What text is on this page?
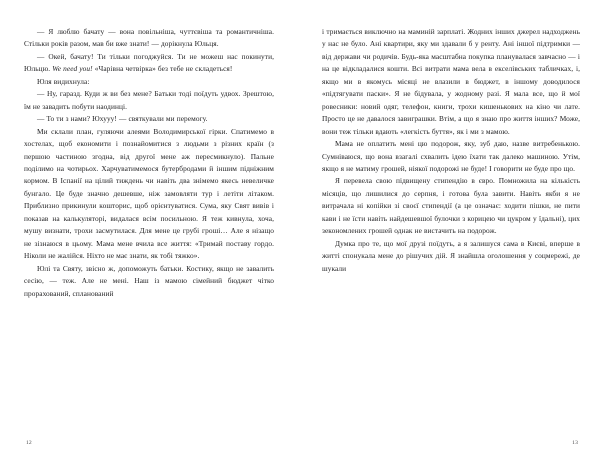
— Я люблю бачату — вона повільніша, чуттєвіша та романтичніша. Стільки років разом, мав би вже знати! — дорікнула Юльця.

— Окей, бачату! Ти тільки погоджуйся. Ти не можеш нас покинути, Юльцю. We need you! «Чарівна четвірка» без тебе не складеться!

Юля видихнула:

— Ну, гаразд. Куди ж ви без мене? Батьки тоді поїдуть удвох. Зрештою, їм не завадить побути наодинці.

— То ти з нами? Юхууу! — святкували ми перемогу.

Ми склали план, гуляючи алеями Володимирської гірки. Спатимемо в хостелах, щоб економити і познайомитися з людьми з різних країн (з першою частиною згодна, від другої мене аж пересмикнуло). Пальне поділимо на чотирьох. Харчуватимемося бутербродами й іншим підніжним кормом. В Іспанії на цілий тиждень чи навіть два знімемо якесь невеличке бунгало. Це буде значно дешевше, ніж замовляти тур і летіти літаком. Приблизно прикинули кошторис, щоб орієнтуватися. Сума, яку Свят вивів і показав на калькуляторі, видалася всім посильною. Я теж кивнула, хоча, мушу визнати, трохи засмутилася. Для мене це грубі гроші… Але я нізащо не зізнаюся в цьому. Мама мене вчила все життя: «Тримай поставу гордо. Ніколи не жалійся. Ніхто не має знати, як тобі тяжко».

Юлі та Святу, звісно ж, допоможуть батьки. Костику, якщо не завалить сесію, — теж. Але не мені. Наш із мамою сімейний бюджет чітко прорахований, спланований

12

і тримається виключно на маминій зарплаті. Жодних інших джерел надходжень у нас не було. Ані квартири, яку ми здавали б у ренту. Ані іншої підтримки — від держави чи родичів. Будь-яка масштабна покупка планувалася завчасно — і на це відкладалися кошти. Всі витрати мама вела в екселівських табличках, і, якщо ми в якомусь місяці не влазили в бюджет, в іншому доводилося «підтягувати паски». Я не бідувала, у жодному разі. Я мала все, що й мої ровесники: новий одяг, телефон, книги, трохи кишенькових на кіно чи лате. Просто це не давалося завиграшки. Втім, а що я знаю про життя інших? Може, вони теж тільки вдають «легкість буття», як і ми з мамою.

Мама не оплатить мені цю подорож, яку, зуб даю, назве витребенькою. Сумніваюся, що вона взагалі схвалить ідею їхати так далеко машиною. Утім, якщо я не матиму грошей, ніякої подорожі не буде! І говорити не буде про що.

Я перевела свою підвищену стипендію в євро. Помножила на кількість місяців, що лишилися до серпня, і готова була завити. Навіть якби я не витрачала ні копійки зі своєї стипендії (а це означає: ходити пішки, не пити кави і не їсти навіть найдешевшої булочки з корицею чи цукром у їдальні), цих зекономлених грошей однак не вистачить на подорож.

Думка про те, що мої друзі поїдуть, а я залишуся сама в Києві, вперше в житті спонукала мене до рішучих дій. Я знайшла оголошення у соцмережі, де шукали

13
